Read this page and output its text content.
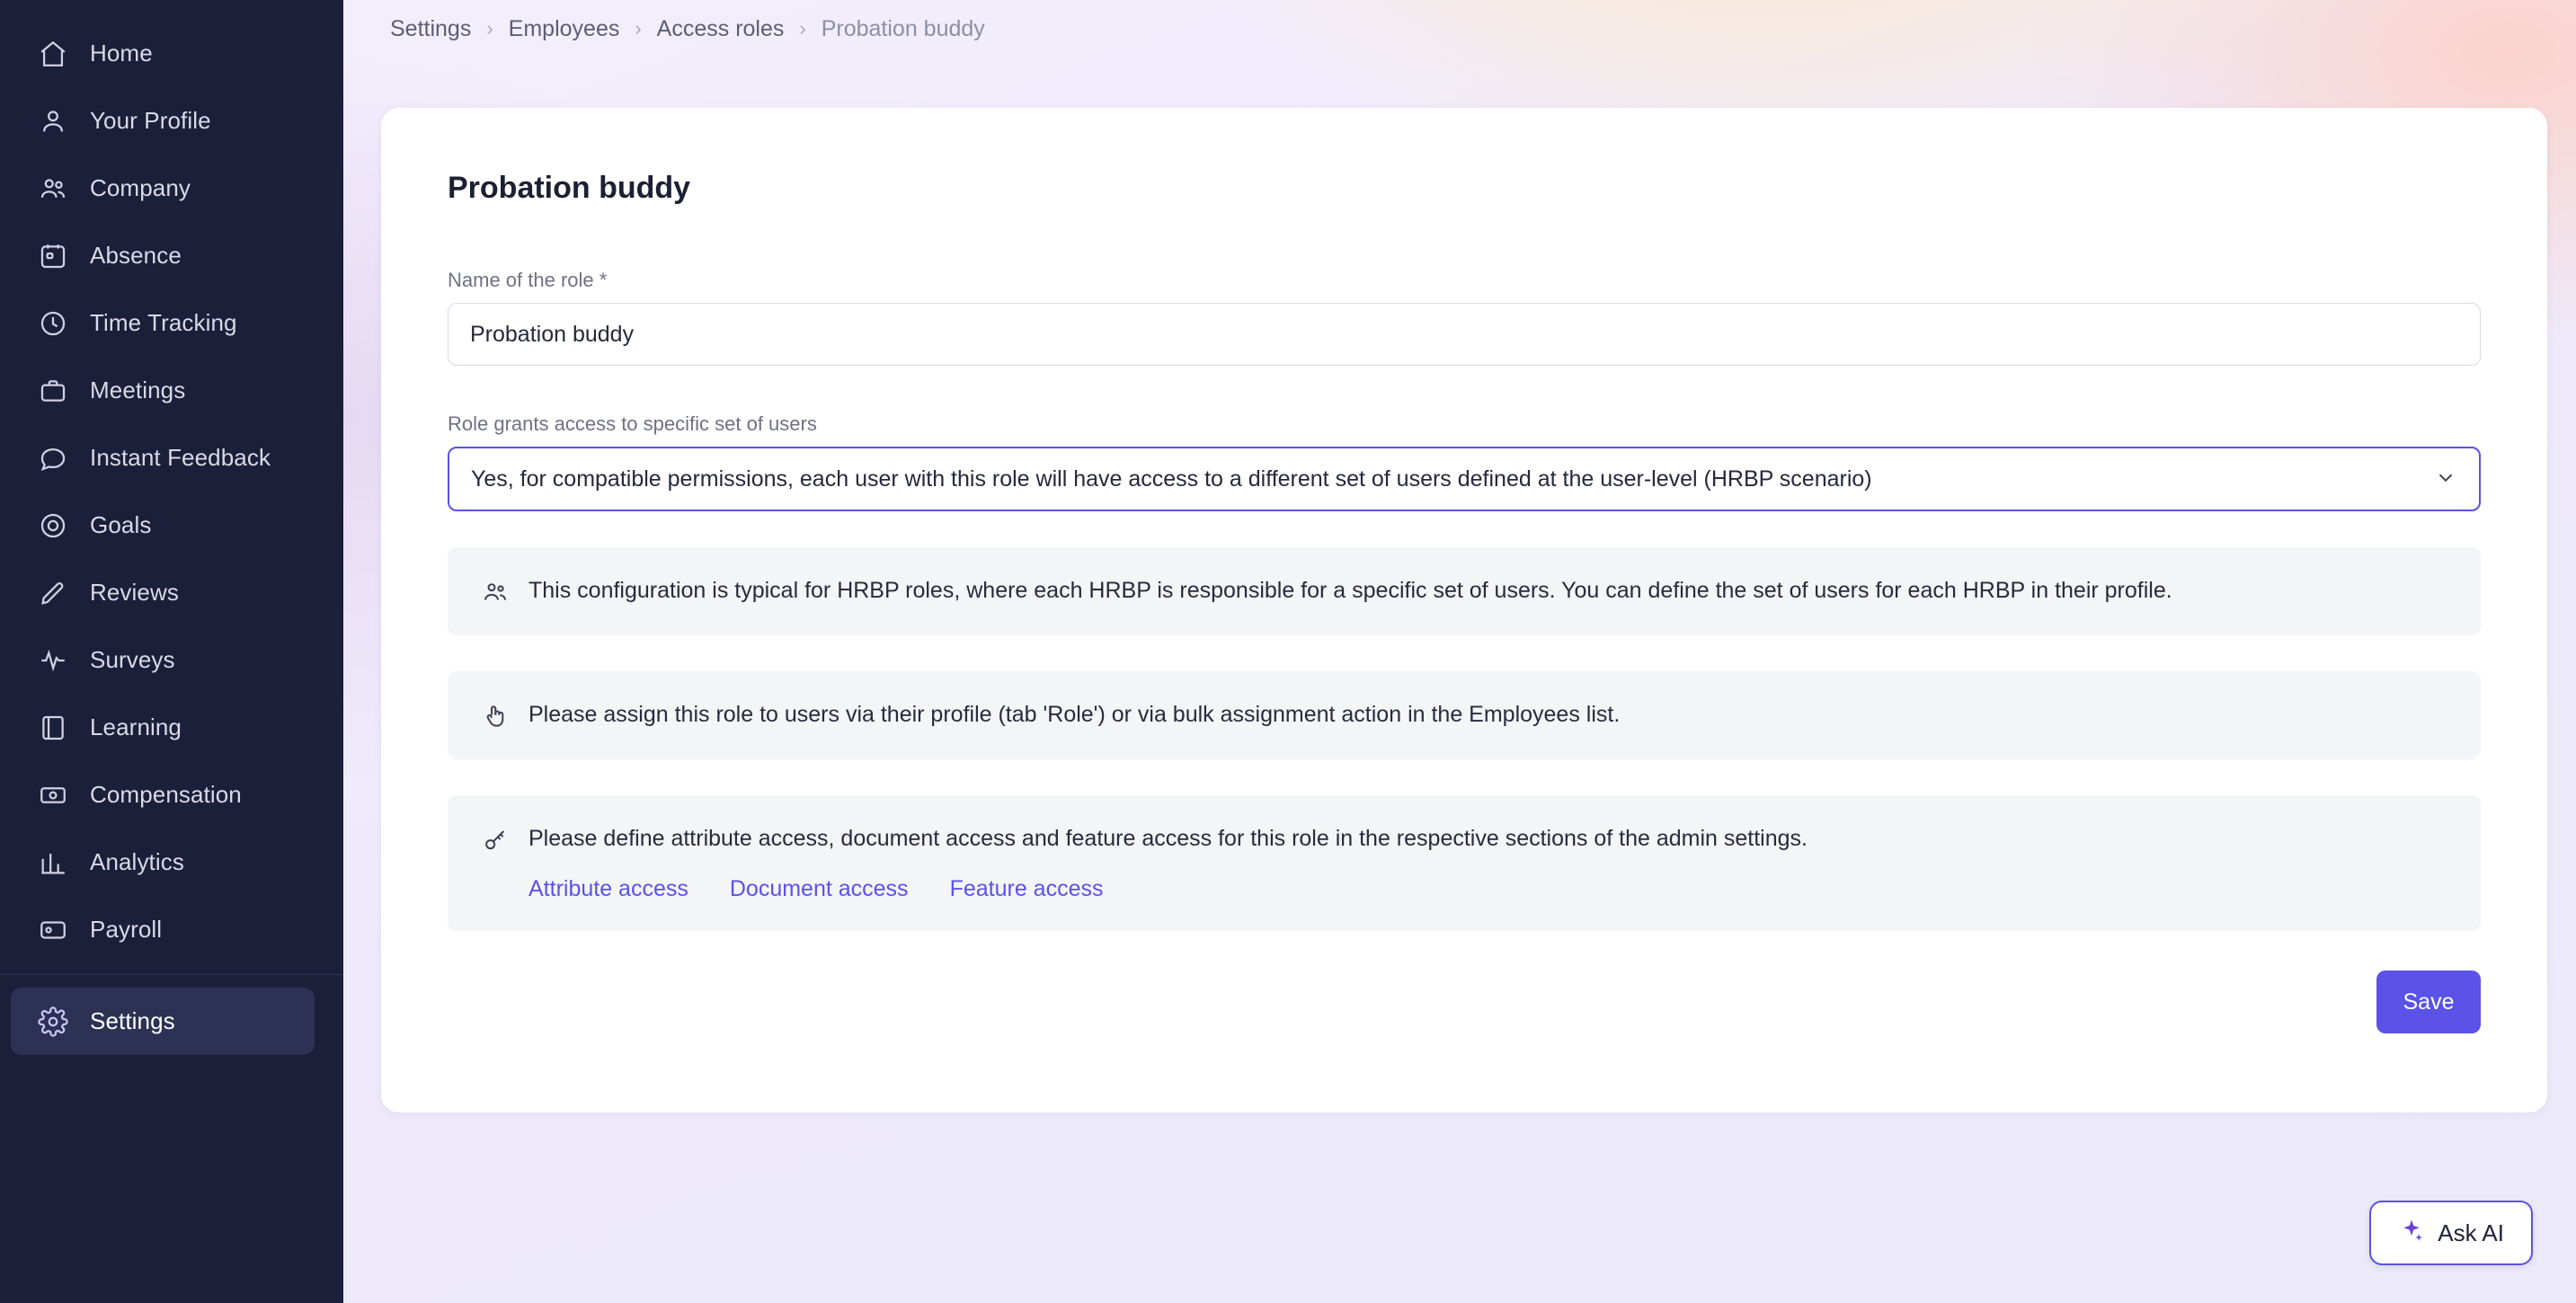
Home
Your Profile
Company
Absence
Time Tracking
Meetings
Instant Feedback
Goals
Reviews
Surveys
Learning
Compensation
Analytics
Payroll
Settings
Settings › Employees › Access roles › Probation buddy
Probation buddy
Name of the role *
Probation buddy
Role grants access to specific set of users
Yes, for compatible permissions, each user with this role will have access to a different set of users defined at the user-level (HRBP scenario)
This configuration is typical for HRBP roles, where each HRBP is responsible for a specific set of users. You can define the set of users for each HRBP in their profile.
Please assign this role to users via their profile (tab 'Role') or via bulk assignment action in the Employees list.
Please define attribute access, document access and feature access for this role in the respective sections of the admin settings.
Attribute access Document access Feature access
Save
Ask AI
